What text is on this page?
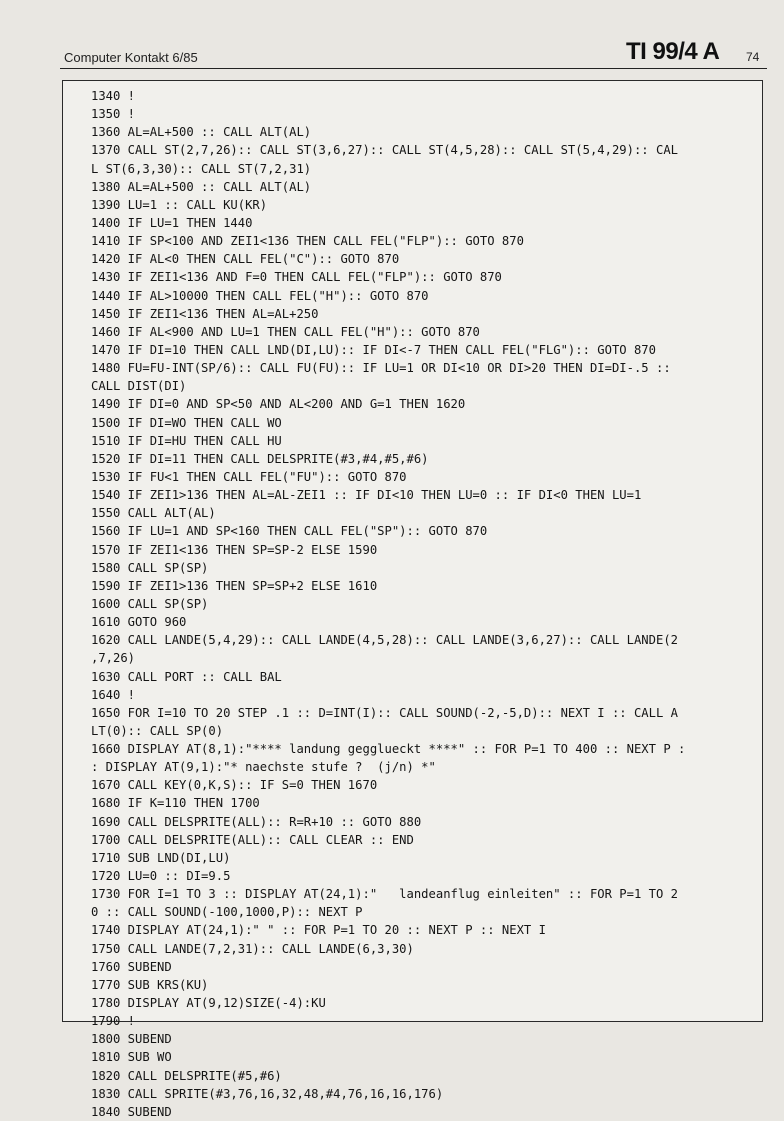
Computer Kontakt 6/85	TI 99/4 A 74
1340 !
1350 !
1360 AL=AL+500 :: CALL ALT(AL)
1370 CALL ST(2,7,26):: CALL ST(3,6,27):: CALL ST(4,5,28):: CALL ST(5,4,29):: CAL
L ST(6,3,30):: CALL ST(7,2,31)
1380 AL=AL+500 :: CALL ALT(AL)
1390 LU=1 :: CALL KU(KR)
1400 IF LU=1 THEN 1440
1410 IF SP<100 AND ZEI1<136 THEN CALL FEL("FLP"):: GOTO 870
1420 IF AL<0 THEN CALL FEL("C"):: GOTO 870
1430 IF ZEI1<136 AND F=0 THEN CALL FEL("FLP"):: GOTO 870
1440 IF AL>10000 THEN CALL FEL("H"):: GOTO 870
1450 IF ZEI1<136 THEN AL=AL+250
1460 IF AL<900 AND LU=1 THEN CALL FEL("H"):: GOTO 870
1470 IF DI=10 THEN CALL LND(DI,LU):: IF DI<-7 THEN CALL FEL("FLG"):: GOTO 870
1480 FU=FU-INT(SP/6):: CALL FU(FU):: IF LU=1 OR DI<10 OR DI>20 THEN DI=DI-.5 ::
CALL DIST(DI)
1490 IF DI=0 AND SP<50 AND AL<200 AND G=1 THEN 1620
1500 IF DI=WO THEN CALL WO
1510 IF DI=HU THEN CALL HU
1520 IF DI=11 THEN CALL DELSPRITE(#3,#4,#5,#6)
1530 IF FU<1 THEN CALL FEL("FU"):: GOTO 870
1540 IF ZEI1>136 THEN AL=AL-ZEI1 :: IF DI<10 THEN LU=0 :: IF DI<0 THEN LU=1
1550 CALL ALT(AL)
1560 IF LU=1 AND SP<160 THEN CALL FEL("SP"):: GOTO 870
1570 IF ZEI1<136 THEN SP=SP-2 ELSE 1590
1580 CALL SP(SP)
1590 IF ZEI1>136 THEN SP=SP+2 ELSE 1610
1600 CALL SP(SP)
1610 GOTO 960
1620 CALL LANDE(5,4,29):: CALL LANDE(4,5,28):: CALL LANDE(3,6,27):: CALL LANDE(2
,7,26)
1630 CALL PORT :: CALL BAL
1640 !
1650 FOR I=10 TO 20 STEP .1 :: D=INT(I):: CALL SOUND(-2,-5,D):: NEXT I :: CALL A
LT(0):: CALL SP(0)
1660 DISPLAY AT(8,1):"**** landung gegglueckt ****" :: FOR P=1 TO 400 :: NEXT P :
: DISPLAY AT(9,1):"* naechste stufe ?  (j/n) *"
1670 CALL KEY(0,K,S):: IF S=0 THEN 1670
1680 IF K=110 THEN 1700
1690 CALL DELSPRITE(ALL):: R=R+10 :: GOTO 880
1700 CALL DELSPRITE(ALL):: CALL CLEAR :: END
1710 SUB LND(DI,LU)
1720 LU=0 :: DI=9.5
1730 FOR I=1 TO 3 :: DISPLAY AT(24,1):"   landeanflug einleiten" :: FOR P=1 TO 2
0 :: CALL SOUND(-100,1000,P):: NEXT P
1740 DISPLAY AT(24,1):" " :: FOR P=1 TO 20 :: NEXT P :: NEXT I
1750 CALL LANDE(7,2,31):: CALL LANDE(6,3,30)
1760 SUBEND
1770 SUB KRS(KU)
1780 DISPLAY AT(9,12)SIZE(-4):KU
1790 !
1800 SUBEND
1810 SUB WO
1820 CALL DELSPRITE(#5,#6)
1830 CALL SPRITE(#3,76,16,32,48,#4,76,16,16,176)
1840 SUBEND
